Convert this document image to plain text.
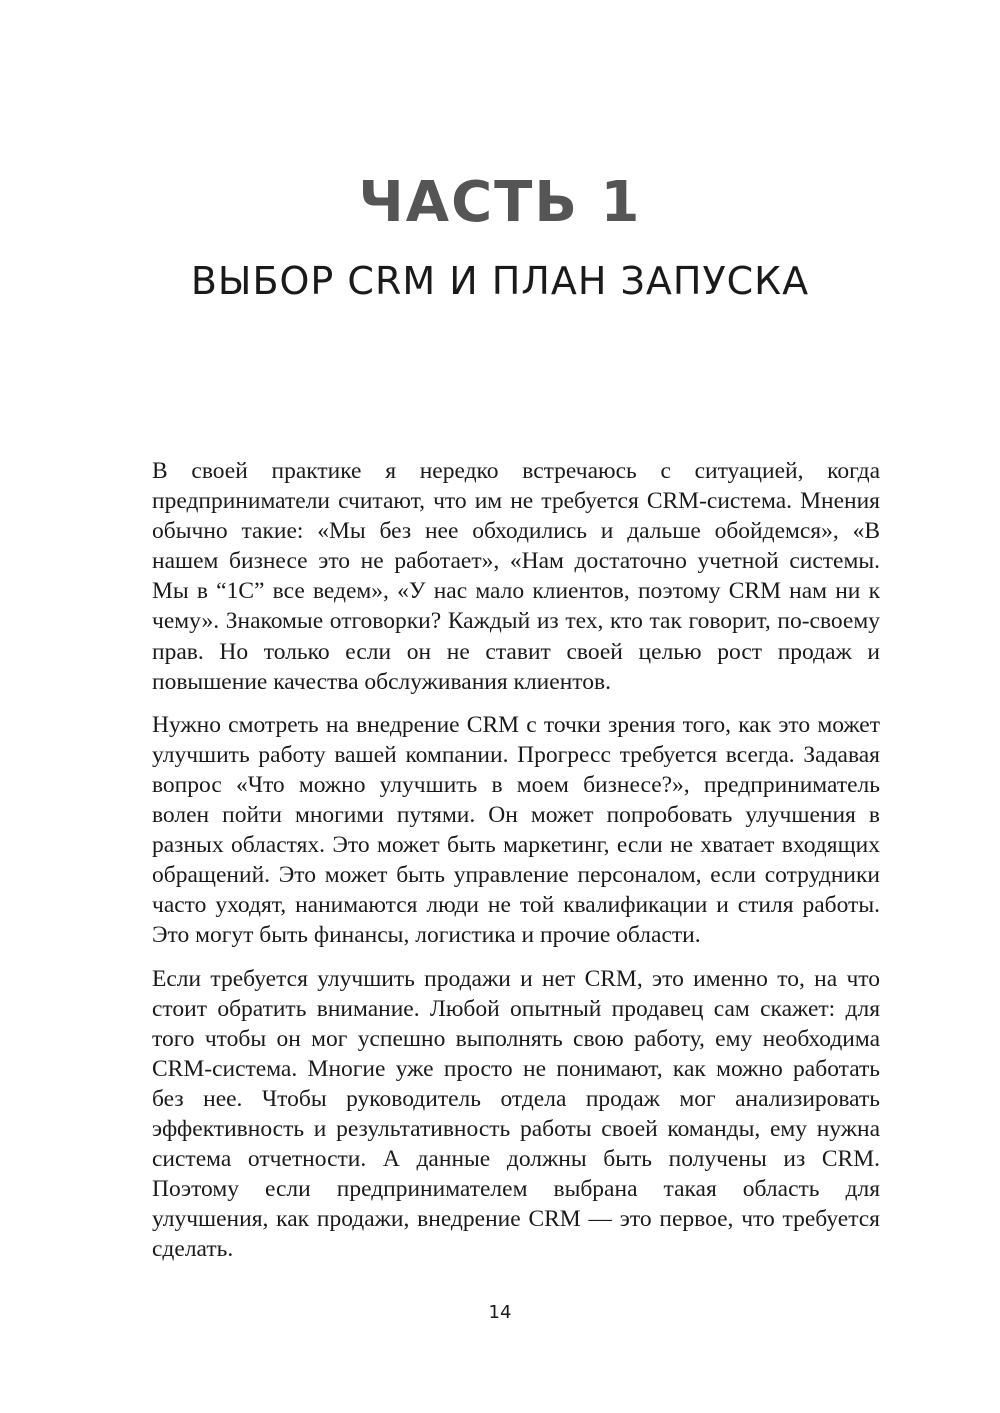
ЧАСТЬ 1
ВЫБОР CRM И ПЛАН ЗАПУСКА

В своей практике я нередко встречаюсь с ситуацией, когда предприниматели считают, что им не требуется CRM-система. Мнения обычно такие: «Мы без нее обходились и дальше обойдемся», «В нашем бизнесе это не работает», «Нам достаточно учетной системы. Мы в “1С” все ведем», «У нас мало клиентов, поэтому CRM нам ни к чему». Знакомые отговорки? Каждый из тех, кто так говорит, по-своему прав. Но только если он не ставит своей целью рост продаж и повышение качества обслуживания клиентов.

Нужно смотреть на внедрение CRM с точки зрения того, как это может улучшить работу вашей компании. Прогресс требуется всегда. Задавая вопрос «Что можно улучшить в моем бизнесе?», предприниматель волен пойти многими путями. Он может попробовать улучшения в разных областях. Это может быть маркетинг, если не хватает входящих обращений. Это может быть управление персоналом, если сотрудники часто уходят, нанимаются люди не той квалификации и стиля работы. Это могут быть финансы, логистика и прочие области.

Если требуется улучшить продажи и нет CRM, это именно то, на что стоит обратить внимание. Любой опытный продавец сам скажет: для того чтобы он мог успешно выполнять свою работу, ему необходима CRM-система. Многие уже просто не понимают, как можно работать без нее. Чтобы руководитель отдела продаж мог анализировать эффективность и результативность работы своей команды, ему нужна система отчетности. А данные должны быть получены из CRM. Поэтому если предпринимателем выбрана такая область для улучшения, как продажи, внедрение CRM — это первое, что требуется сделать.

14
